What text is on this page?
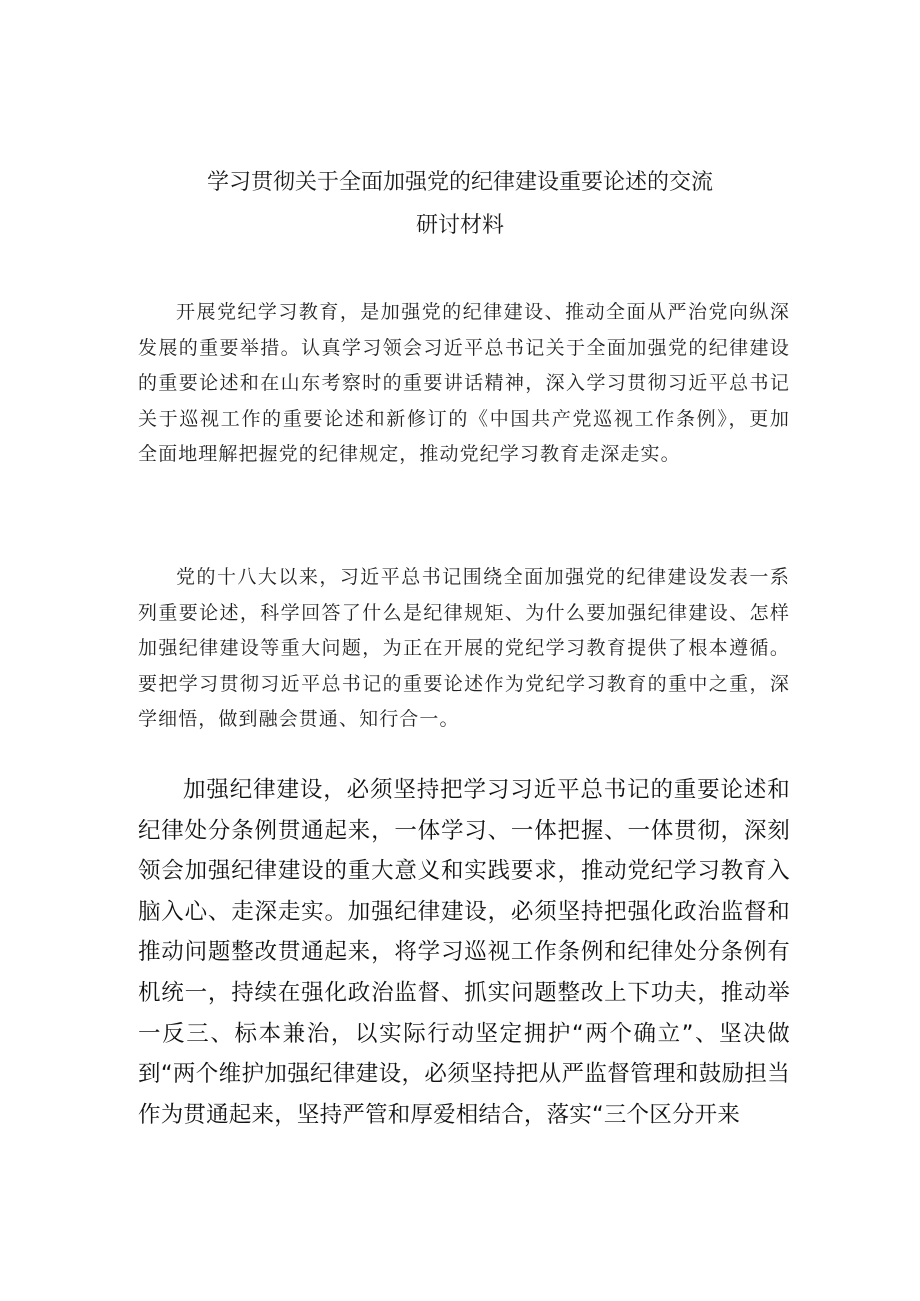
学习贯彻关于全面加强党的纪律建设重要论述的交流
研讨材料

开展党纪学习教育，是加强党的纪律建设、推动全面从严治党向纵深发展的重要举措。认真学习领会习近平总书记关于全面加强党的纪律建设的重要论述和在山东考察时的重要讲话精神，深入学习贯彻习近平总书记关于巡视工作的重要论述和新修订的《中国共产党巡视工作条例》，更加全面地理解把握党的纪律规定，推动党纪学习教育走深走实。

党的十八大以来，习近平总书记围绕全面加强党的纪律建设发表一系列重要论述，科学回答了什么是纪律规矩、为什么要加强纪律建设、怎样加强纪律建设等重大问题，为正在开展的党纪学习教育提供了根本遵循。要把学习贯彻习近平总书记的重要论述作为党纪学习教育的重中之重，深学细悟，做到融会贯通、知行合一。

加强纪律建设，必须坚持把学习习近平总书记的重要论述和纪律处分条例贯通起来，一体学习、一体把握、一体贯彻，深刻领会加强纪律建设的重大意义和实践要求，推动党纪学习教育入脑入心、走深走实。加强纪律建设，必须坚持把强化政治监督和推动问题整改贯通起来，将学习巡视工作条例和纪律处分条例有机统一，持续在强化政治监督、抓实问题整改上下功夫，推动举一反三、标本兼治，以实际行动坚定拥护“两个确立”、坚决做到“两个维护加强纪律建设，必须坚持把从严监督管理和鼓励担当作为贯通起来，坚持严管和厚爱相结合，落实“三个区分开来
